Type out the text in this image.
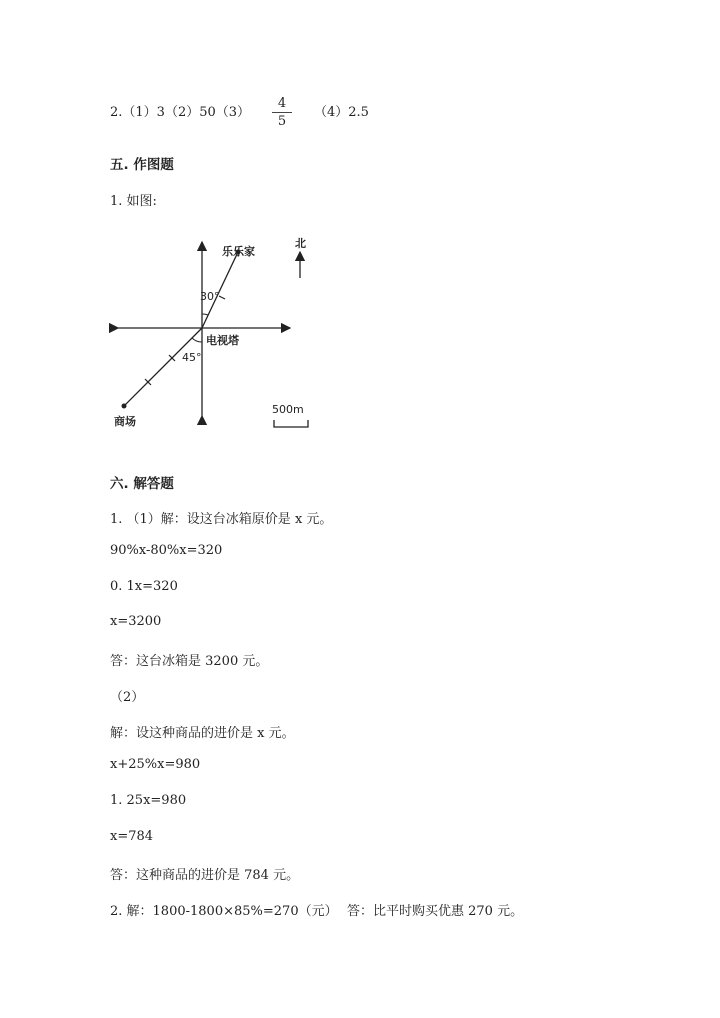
2.（1）3（2）50（3）
4
5
（4）2.5
五. 作图题
1. 如图:
乐乐家
30°
电视塔
45°
商场
北
500m
六. 解答题
1. （1）解：设这台冰箱原价是 x 元。
90%x-80%x=320
0. 1x=320
x=3200
答：这台冰箱是 3200 元。
（2）
解：设这种商品的进价是 x 元。
x+25%x=980
1. 25x=980
x=784
答：这种商品的进价是 784 元。
2. 解：1800-1800×85%=270（元） 答：比平时购买优惠 270 元。
